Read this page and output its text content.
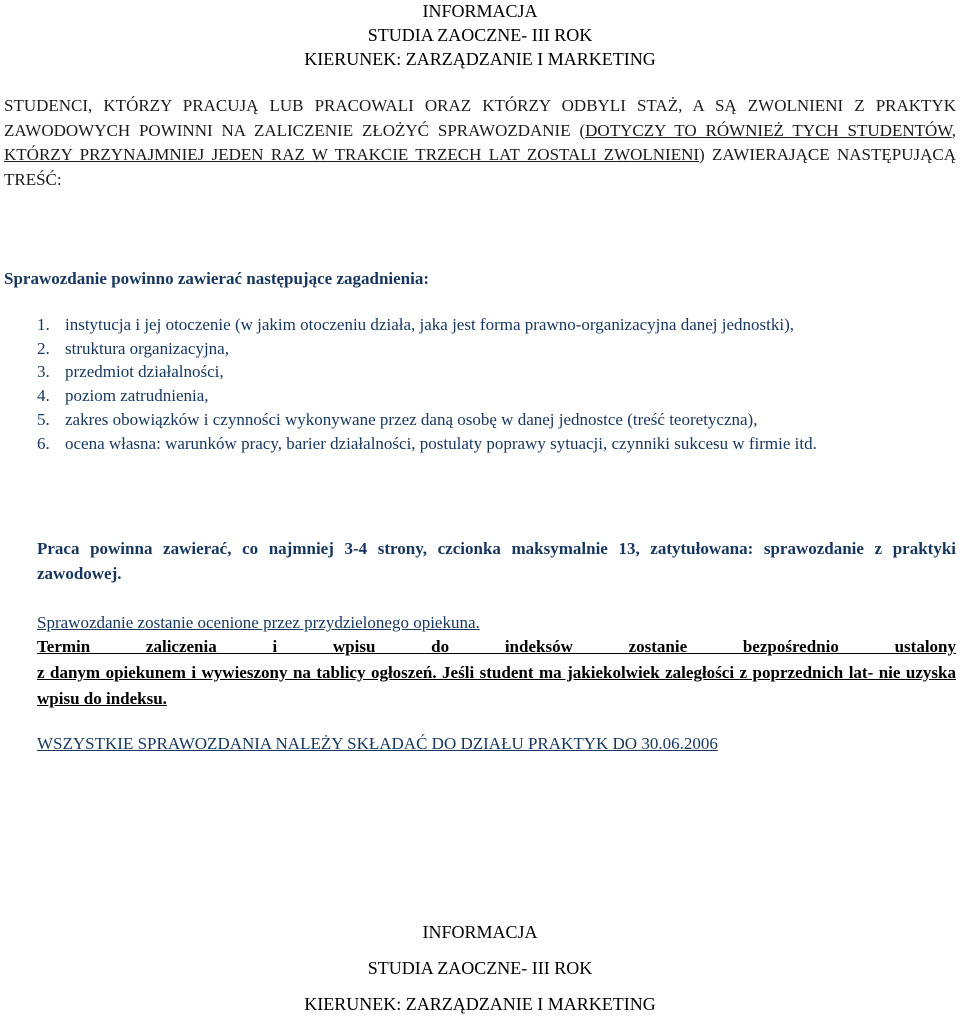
INFORMACJA
STUDIA ZAOCZNE- III ROK
KIERUNEK: ZARZĄDZANIE I MARKETING
STUDENCI, KTÓRZY PRACUJĄ LUB PRACOWALI ORAZ KTÓRZY ODBYLI STAŻ, A SĄ ZWOLNIENI Z PRAKTYK ZAWODOWYCH POWINNI NA ZALICZENIE ZŁOŻYĆ SPRAWOZDANIE (DOTYCZY TO RÓWNIEŻ TYCH STUDENTÓW, KTÓRZY PRZYNAJMNIEJ JEDEN RAZ W TRAKCIE TRZECH LAT ZOSTALI ZWOLNIENI) ZAWIERAJĄCE NASTĘPUJĄCĄ TREŚĆ:
Sprawozdanie powinno zawierać następujące zagadnienia:
1. instytucja i jej otoczenie (w jakim otoczeniu działa, jaka jest forma prawno-organizacyjna danej jednostki),
2. struktura organizacyjna,
3. przedmiot działalności,
4. poziom zatrudnienia,
5. zakres obowiązków i czynności wykonywane przez daną osobę w danej jednostce (treść teoretyczna),
6. ocena własna: warunków pracy, barier działalności, postulaty poprawy sytuacji, czynniki sukcesu w firmie itd.
Praca powinna zawierać, co najmniej 3-4 strony, czcionka maksymalnie 13, zatytułowana: sprawozdanie z praktyki zawodowej.
Sprawozdanie zostanie ocenione przez przydzielonego opiekuna.
Termin zaliczenia i wpisu do indeksów zostanie bezpośrednio ustalony
z danym opiekunem i wywieszony na tablicy ogłoszeń. Jeśli student ma jakiekolwiek zaległości z poprzednich lat- nie uzyska wpisu do indeksu.
WSZYSTKIE SPRAWOZDANIA NALEŻY SKŁADAĆ DO DZIAŁU PRAKTYK DO 30.06.2006
INFORMACJA
STUDIA ZAOCZNE- III ROK
KIERUNEK: ZARZĄDZANIE I MARKETING
